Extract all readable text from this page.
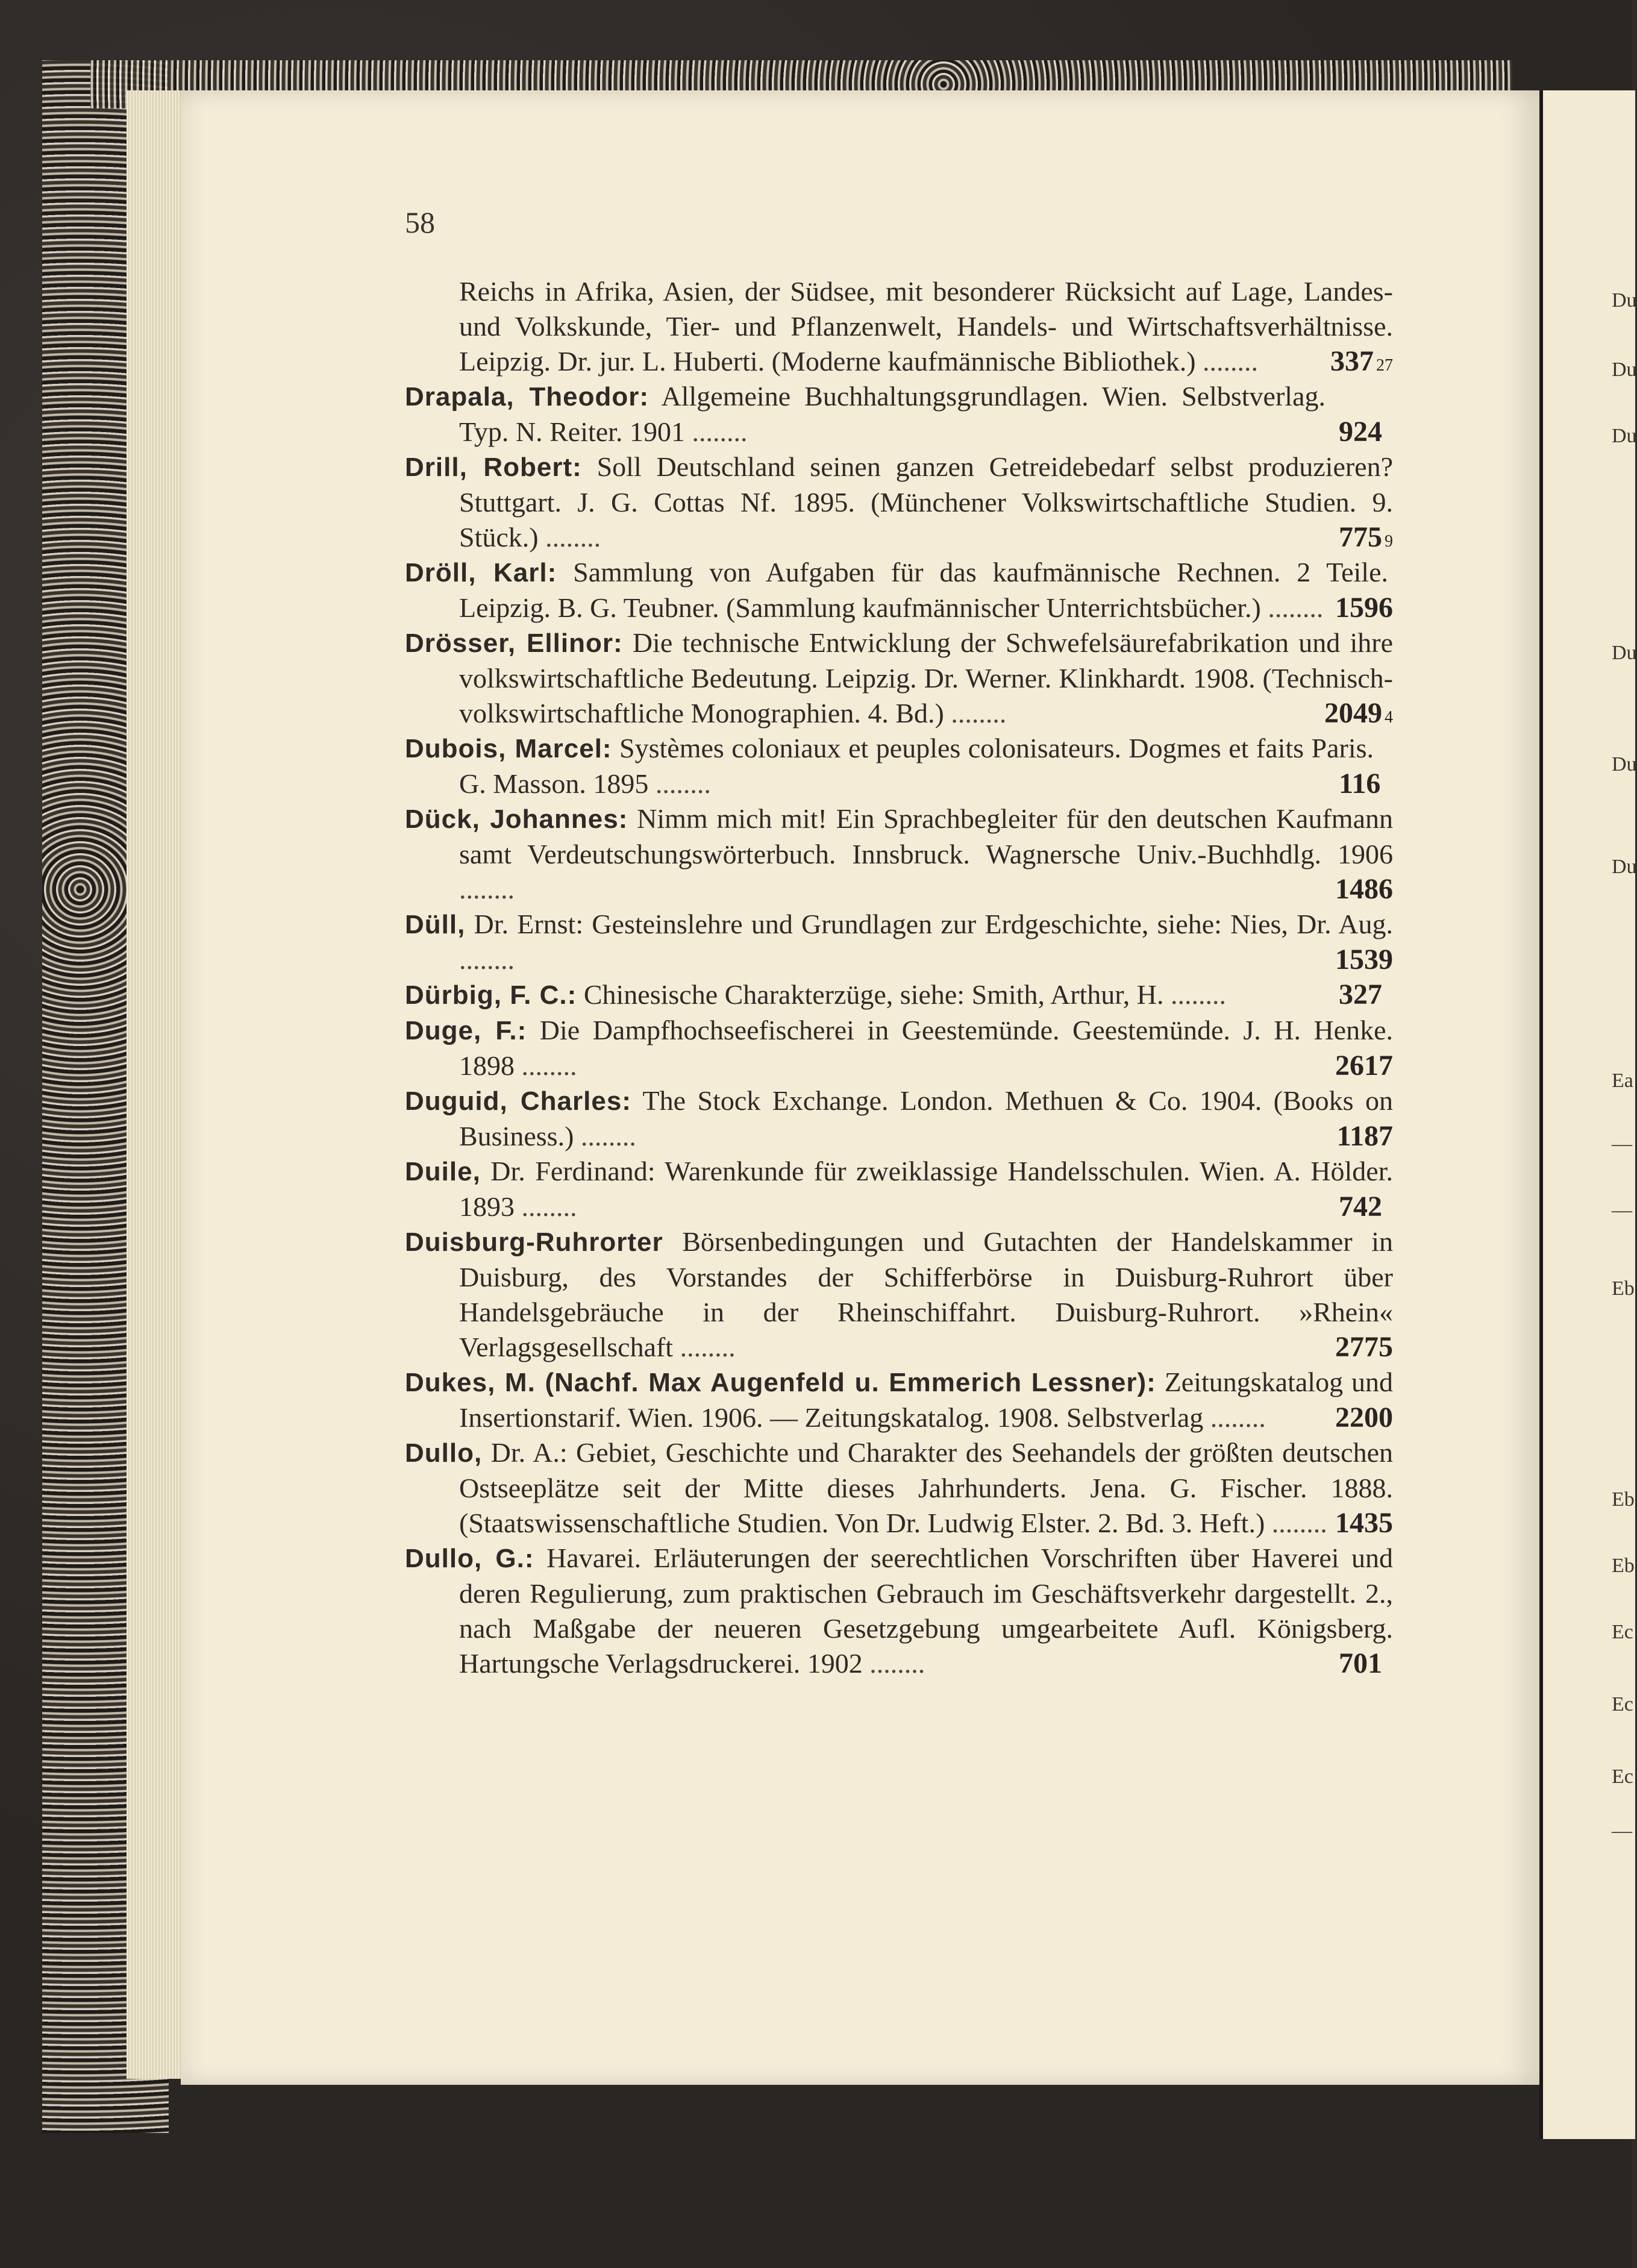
Du
Du
Du
Du
Du
Du
Ea
—
—
Eb
Eb
Eb
Ec
Ec
Ec
—
58

Reichs in Afrika, Asien, der Südsee, mit besonderer Rücksicht auf Lage, Landes- und Volkskunde, Tier- und Pflanzenwelt, Handels- und Wirtschaftsverhältnisse. Leipzig. Dr. jur. L. Huberti. (Moderne kaufmännische Bibliothek.) ........ 337 27

Drapala, Theodor: Allgemeine Buchhaltungsgrundlagen. Wien. Selbstverlag. Typ. N. Reiter. 1901 ........	924

Drill, Robert: Soll Deutschland seinen ganzen Getreidebedarf selbst produzieren? Stuttgart. J. G. Cottas Nf. 1895. (Münchener Volkswirtschaftliche Studien. 9. Stück.) ........	775 9

Dröll, Karl: Sammlung von Aufgaben für das kaufmännische Rechnen. 2 Teile. Leipzig. B. G. Teubner. (Sammlung kaufmännischer Unterrichtsbücher.) ........ 1596

Drösser, Ellinor: Die technische Entwicklung der Schwefelsäurefabrikation und ihre volkswirtschaftliche Bedeutung. Leipzig. Dr. Werner. Klinkhardt. 1908. (Technisch-volkswirtschaftliche Monographien. 4. Bd.) ........	2049 4

Dubois, Marcel: Systèmes coloniaux et peuples colonisateurs. Dogmes et faits Paris. G. Masson. 1895 ........	116

Dück, Johannes: Nimm mich mit! Ein Sprachbegleiter für den deutschen Kaufmann samt Verdeutschungswörterbuch. Innsbruck. Wagnersche Univ.-Buchhdlg. 1906 ........	1486

Düll, Dr. Ernst: Gesteinslehre und Grundlagen zur Erdgeschichte, siehe: Nies, Dr. Aug. ........	1539

Dürbig, F. C.: Chinesische Charakterzüge, siehe: Smith, Arthur, H. ........	327

Duge, F.: Die Dampfhochseefischerei in Geestemünde. Geestemünde. J. H. Henke. 1898 ........	2617

Duguid, Charles: The Stock Exchange. London. Methuen & Co. 1904. (Books on Business.) ........	1187

Duile, Dr. Ferdinand: Warenkunde für zweiklassige Handelsschulen. Wien. A. Hölder. 1893 ........	742

Duisburg-Ruhrorter Börsenbedingungen und Gutachten der Handelskammer in Duisburg, des Vorstandes der Schifferbörse in Duisburg-Ruhrort über Handelsgebräuche in der Rheinschiffahrt. Duisburg-Ruhrort. »Rhein« Verlagsgesellschaft ........	2775

Dukes, M. (Nachf. Max Augenfeld u. Emmerich Lessner): Zeitungskatalog und Insertionstarif. Wien. 1906. — Zeitungskatalog. 1908. Selbstverlag ........ 2200

Dullo, Dr. A.: Gebiet, Geschichte und Charakter des Seehandels der größten deutschen Ostseeplätze seit der Mitte dieses Jahrhunderts. Jena. G. Fischer. 1888. (Staatswissenschaftliche Studien. Von Dr. Ludwig Elster. 2. Bd. 3. Heft.) ........ 1435

Dullo, G.: Havarei. Erläuterungen der seerechtlichen Vorschriften über Haverei und deren Regulierung, zum praktischen Gebrauch im Geschäftsverkehr dargestellt. 2., nach Maßgabe der neueren Gesetzgebung umgearbeitete Aufl. Königsberg. Hartungsche Verlagsdruckerei. 1902 ........	701
